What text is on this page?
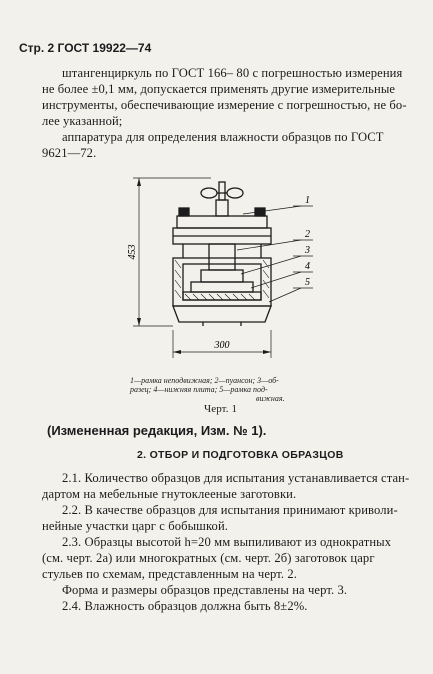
Стр. 2 ГОСТ 19922—74
штангенциркуль по ГОСТ 166– 80 с погрешностью измерения
не более ±0,1 мм, допускается применять другие измерительные
инструменты, обеспечивающие измерение с погрешностью, не бо-
лее указанной;
аппаратура для определения влажности образцов по ГОСТ
9621—72.
453
300
1
2
3
4
5
1—рамка неподвижная; 2—пуансон; 3—об-
разец; 4—нижняя плита; 5—рамка под-
вижная.
Черт. 1
(Измененная редакция, Изм. № 1).
2. ОТБОР И ПОДГОТОВКА ОБРАЗЦОВ
2.1. Количество образцов для испытания устанавливается стан-
дартом на мебельные гнутоклееные заготовки.
2.2. В качестве образцов для испытания принимают криволи-
нейные участки царг с бобышкой.
2.3. Образцы высотой h=20 мм выпиливают из однократных
(см. черт. 2а) или многократных (см. черт. 2б) заготовок царг
стульев по схемам, представленным на черт. 2.
Форма и размеры образцов представлены на черт. 3.
2.4. Влажность образцов должна быть 8±2%.
